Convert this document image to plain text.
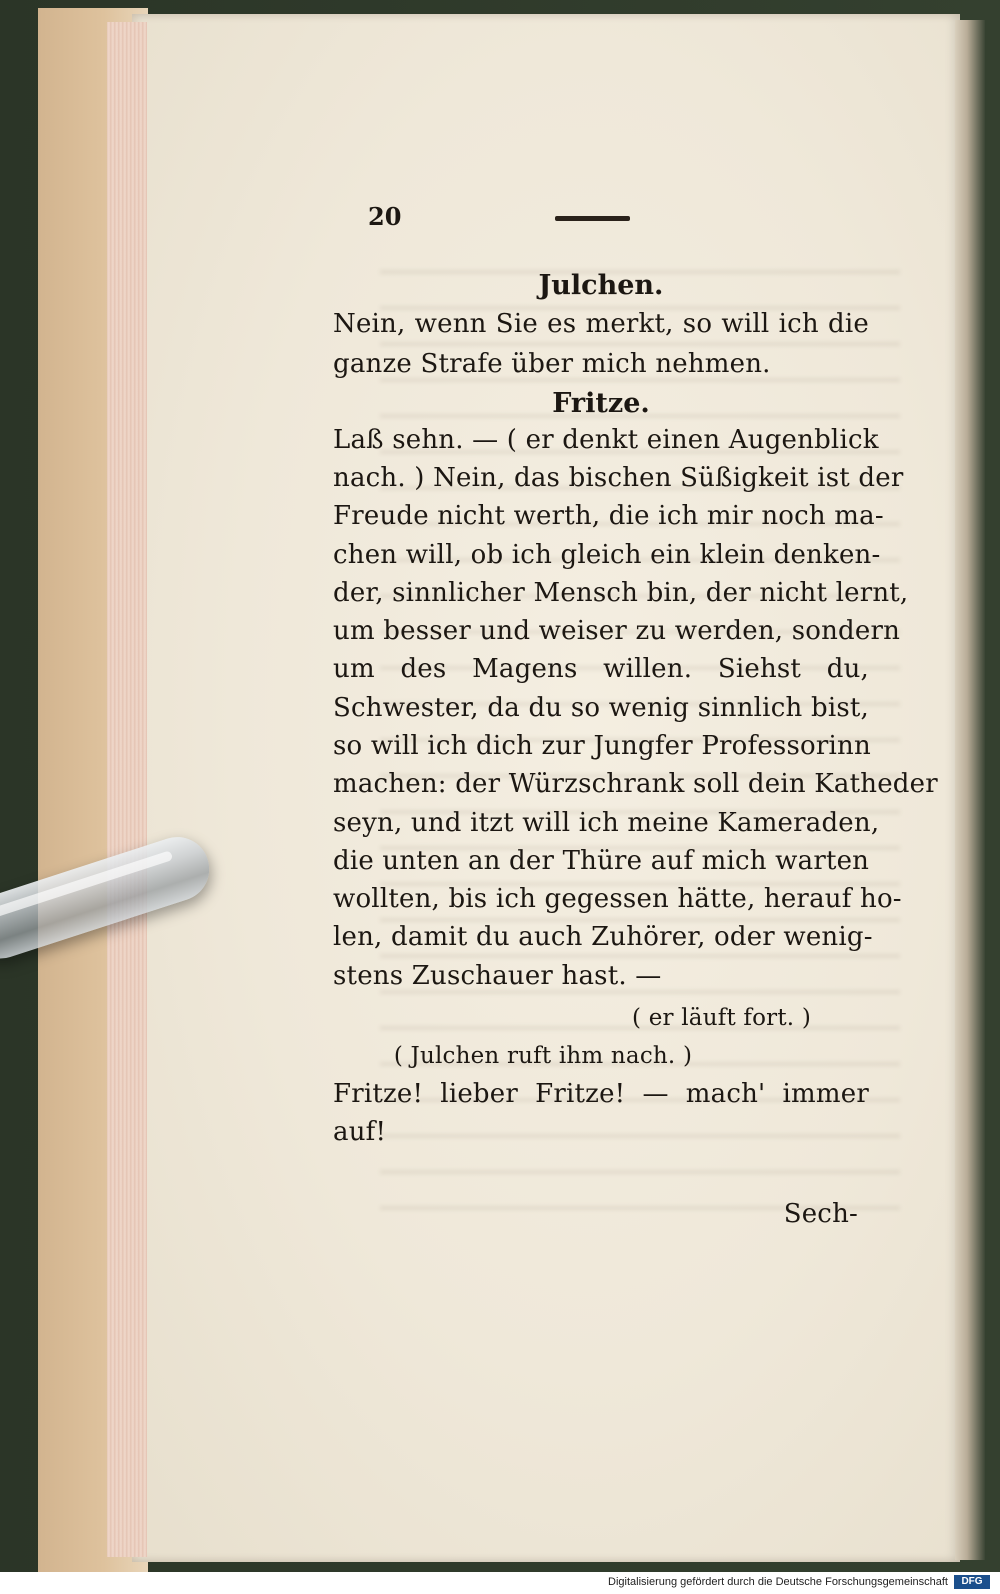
20
Julchen.
Nein, wenn Sie es merkt, so will ich die
ganze Strafe über mich nehmen.
Fritze.
Laß sehn. — ( er denkt einen Augenblick
nach. ) Nein, das bischen Süßigkeit ist der
Freude nicht werth, die ich mir noch ma-
chen will, ob ich gleich ein klein denken-
der, sinnlicher Mensch bin, der nicht lernt,
um besser und weiser zu werden, sondern
um des Magens willen. Siehst du,
Schwester, da du so wenig sinnlich bist,
so will ich dich zur Jungfer Professorinn
machen: der Würzschrank soll dein Katheder
seyn, und itzt will ich meine Kameraden,
die unten an der Thüre auf mich warten
wollten, bis ich gegessen hätte, herauf ho-
len, damit du auch Zuhörer, oder wenig-
stens Zuschauer hast. —
( er läuft fort. )
( Julchen ruft ihm nach. )
Fritze! lieber Fritze! — mach' immer
auf!
Sech-
Digitalisierung gefördert durch die Deutsche Forschungsgemeinschaft	DFG
